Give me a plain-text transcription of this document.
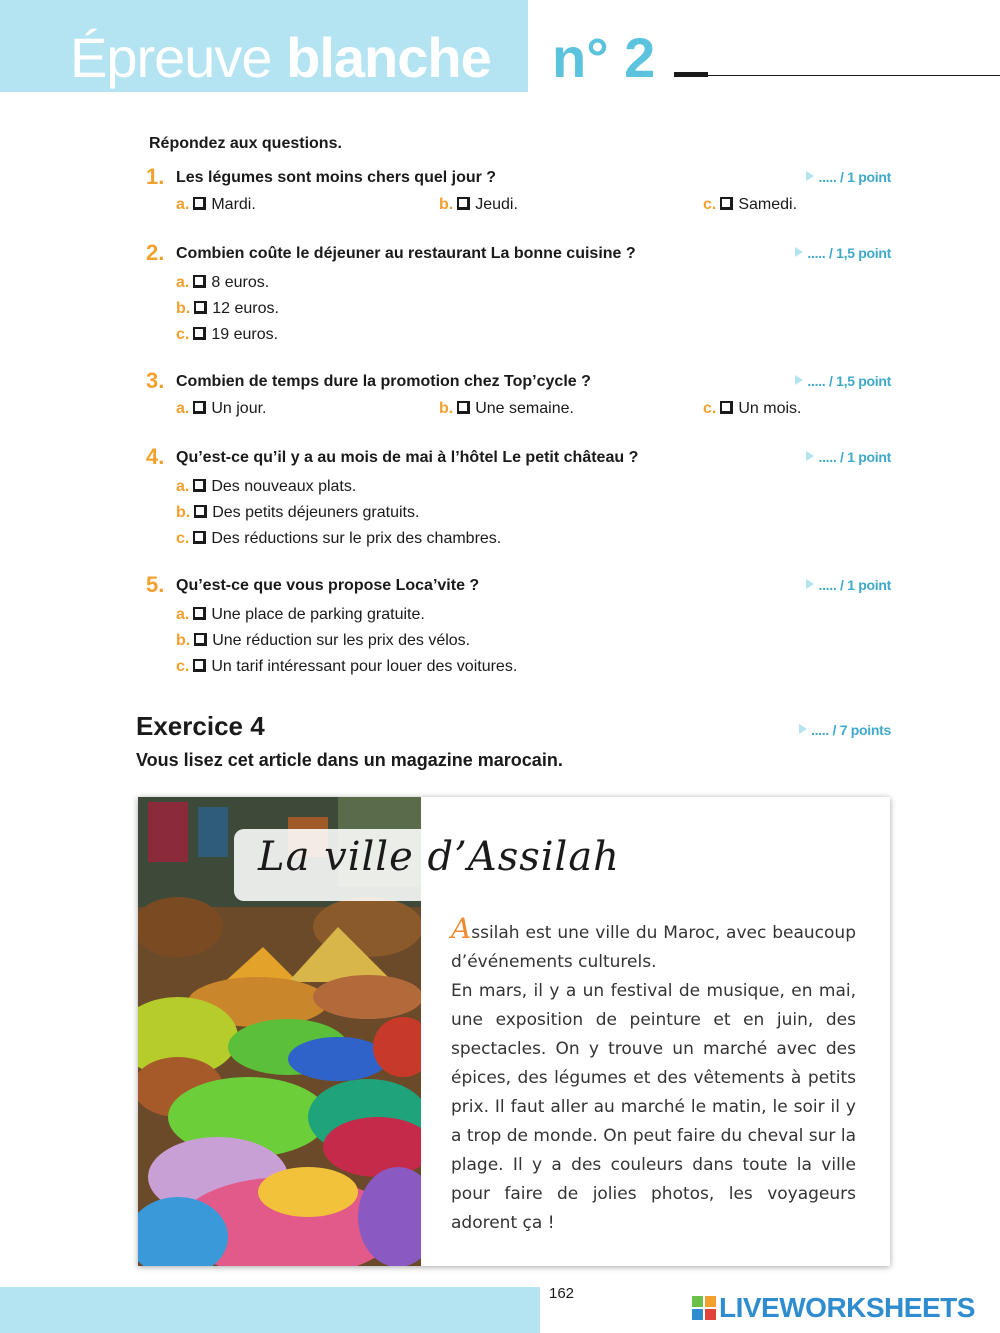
Épreuve blanche n° 2
Répondez aux questions.
1. Les légumes sont moins chers quel jour ?	..... / 1 point
a. Mardi.	b. Jeudi.	c. Samedi.
2. Combien coûte le déjeuner au restaurant La bonne cuisine ?	..... / 1,5 point
a. 8 euros.
b. 12 euros.
c. 19 euros.
3. Combien de temps dure la promotion chez Top’cycle ?	..... / 1,5 point
a. Un jour.	b. Une semaine.	c. Un mois.
4. Qu’est-ce qu’il y a au mois de mai à l’hôtel Le petit château ?	..... / 1 point
a. Des nouveaux plats.
b. Des petits déjeuners gratuits.
c. Des réductions sur le prix des chambres.
5. Qu’est-ce que vous propose Loca’vite ?	..... / 1 point
a. Une place de parking gratuite.
b. Une réduction sur les prix des vélos.
c. Un tarif intéressant pour louer des voitures.
Exercice 4	..... / 7 points
Vous lisez cet article dans un magazine marocain.
La ville d’Assilah

Assilah est une ville du Maroc, avec beaucoup d’événements culturels.

En mars, il y a un festival de musique, en mai, une exposition de peinture et en juin, des spectacles. On y trouve un marché avec des épices, des légumes et des vêtements à petits prix. Il faut aller au marché le matin, le soir il y a trop de monde. On peut faire du cheval sur la plage. Il y a des couleurs dans toute la ville pour faire de jolies photos, les voyageurs adorent ça !

162	LIVEWORKSHEETS
